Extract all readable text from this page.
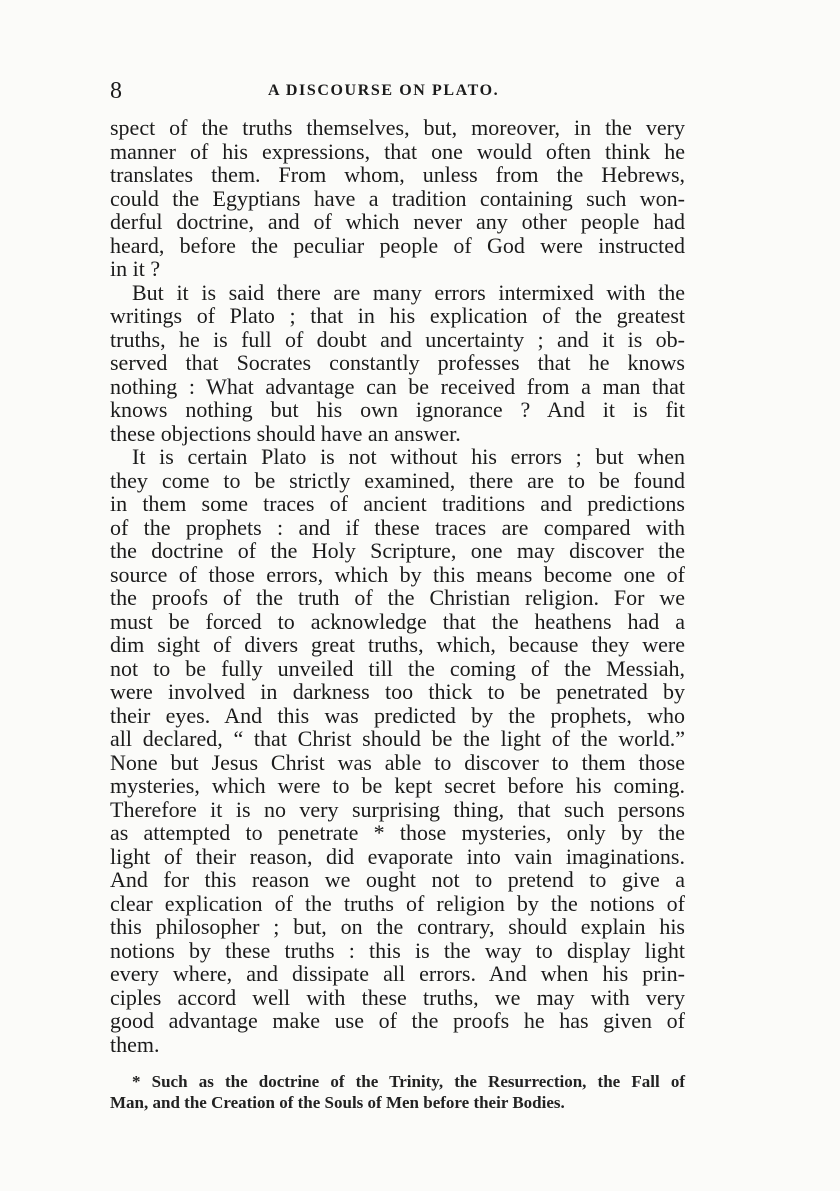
8	A DISCOURSE ON PLATO.
spect of the truths themselves, but, moreover, in the very
manner of his expressions, that one would often think he
translates them. From whom, unless from the Hebrews,
could the Egyptians have a tradition containing such won-
derful doctrine, and of which never any other people had
heard, before the peculiar people of God were instructed
in it ?
But it is said there are many errors intermixed with the
writings of Plato ; that in his explication of the greatest
truths, he is full of doubt and uncertainty ; and it is ob-
served that Socrates constantly professes that he knows
nothing : What advantage can be received from a man that
knows nothing but his own ignorance ? And it is fit
these objections should have an answer.
It is certain Plato is not without his errors ; but when
they come to be strictly examined, there are to be found
in them some traces of ancient traditions and predictions
of the prophets : and if these traces are compared with
the doctrine of the Holy Scripture, one may discover the
source of those errors, which by this means become one of
the proofs of the truth of the Christian religion. For we
must be forced to acknowledge that the heathens had a
dim sight of divers great truths, which, because they were
not to be fully unveiled till the coming of the Messiah,
were involved in darkness too thick to be penetrated by
their eyes. And this was predicted by the prophets, who
all declared, “ that Christ should be the light of the world.”
None but Jesus Christ was able to discover to them those
mysteries, which were to be kept secret before his coming.
Therefore it is no very surprising thing, that such persons
as attempted to penetrate * those mysteries, only by the
light of their reason, did evaporate into vain imaginations.
And for this reason we ought not to pretend to give a
clear explication of the truths of religion by the notions of
this philosopher ; but, on the contrary, should explain his
notions by these truths : this is the way to display light
every where, and dissipate all errors. And when his prin-
ciples accord well with these truths, we may with very
good advantage make use of the proofs he has given of
them.
* Such as the doctrine of the Trinity, the Resurrection, the Fall of
Man, and the Creation of the Souls of Men before their Bodies.
